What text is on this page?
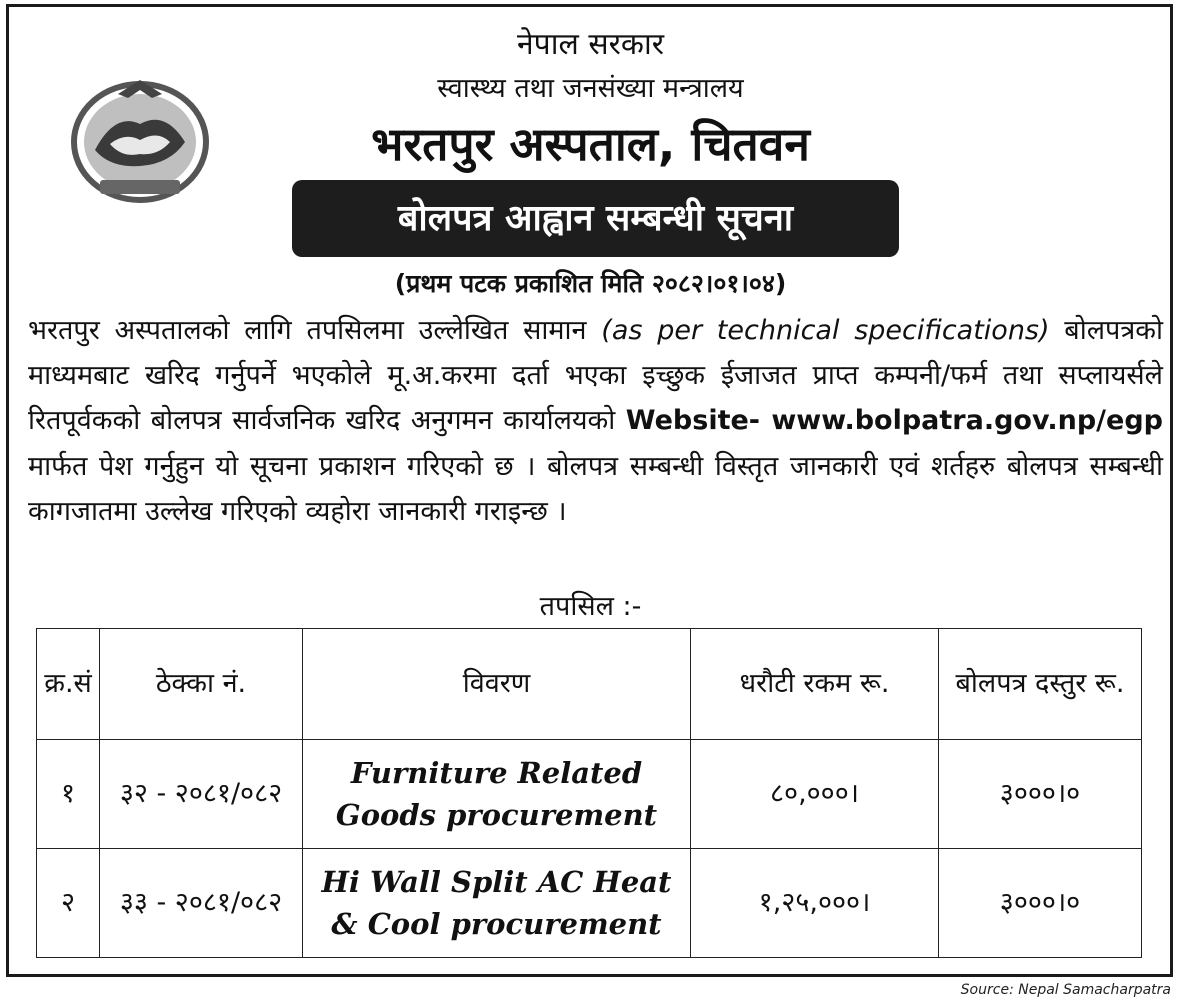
नेपाल सरकार
स्वास्थ्य तथा जनसंख्या मन्त्रालय
भरतपुर अस्पताल, चितवन
बोलपत्र आह्वान सम्बन्धी सूचना
(प्रथम पटक प्रकाशित मिति २०८२।०१।०४)
भरतपुर अस्पतालको लागि तपसिलमा उल्लेखित सामान (as per technical specifications) बोलपत्रको माध्यमबाट खरिद गर्नुपर्ने भएकोले मू.अ.करमा दर्ता भएका इच्छुक ईजाजत प्राप्त कम्पनी/फर्म तथा सप्लायर्सले रितपूर्वकको बोलपत्र सार्वजनिक खरिद अनुगमन कार्यालयको Website- www.bolpatra.gov.np/egp मार्फत पेश गर्नुहुन यो सूचना प्रकाशन गरिएको छ । बोलपत्र सम्बन्धी विस्तृत जानकारी एवं शर्तहरु बोलपत्र सम्बन्धी कागजातमा उल्लेख गरिएको व्यहोरा जानकारी गराइन्छ ।
तपसिल :-
क्र.सं	ठेक्का नं.	विवरण	धरौटी रकम रू.	बोलपत्र दस्तुर रू.
१	३२ - २०८१/०८२	Furniture Related Goods procurement	८०,०००।	३०००।०
२	३३ - २०८१/०८२	Hi Wall Split AC Heat & Cool procurement	१,२५,०००।	३०००।०
Source: Nepal Samacharpatra
